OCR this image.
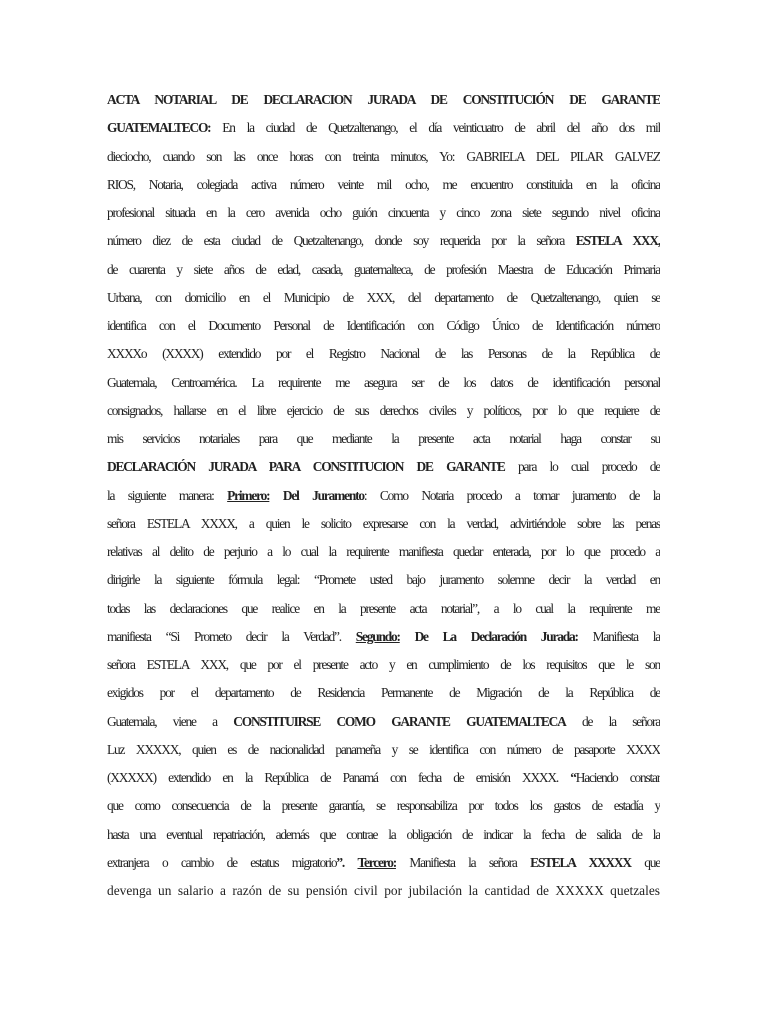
ACTA NOTARIAL DE DECLARACION JURADA DE CONSTITUCIÓN DE GARANTE
GUATEMALTECO: En la ciudad de Quetzaltenango, el día veinticuatro de abril del año dos mil
dieciocho, cuando son las once horas con treinta minutos, Yo: GABRIELA DEL PILAR GALVEZ
RIOS, Notaria, colegiada activa número veinte mil ocho, me encuentro constituida en la oficina
profesional situada en la cero avenida ocho guión cincuenta y cinco zona siete segundo nivel oficina
número diez de esta ciudad de Quetzaltenango, donde soy requerida por la señora ESTELA XXX,
de cuarenta y siete años de edad, casada, guatemalteca, de profesión Maestra de Educación Primaria
Urbana, con domicilio en el Municipio de XXX, del departamento de Quetzaltenango, quien se
identifica con el Documento Personal de Identificación con Código Único de Identificación número
XXXXo (XXXX) extendido por el Registro Nacional de las Personas de la República de
Guatemala, Centroamérica. La requirente me asegura ser de los datos de identificación personal
consignados, hallarse en el libre ejercicio de sus derechos civiles y políticos, por lo que requiere de
mis servicios notariales para que mediante la presente acta notarial haga constar su
DECLARACIÓN JURADA PARA CONSTITUCION DE GARANTE para lo cual procedo de
la siguiente manera: Primero: Del Juramento: Como Notaria procedo a tomar juramento de la
señora ESTELA XXXX, a quien le solicito expresarse con la verdad, advirtiéndole sobre las penas
relativas al delito de perjurio a lo cual la requirente manifiesta quedar enterada, por lo que procedo a
dirigirle la siguiente fórmula legal: “Promete usted bajo juramento solemne decir la verdad en
todas las declaraciones que realice en la presente acta notarial”, a lo cual la requirente me
manifiesta “Si Prometo decir la Verdad”. Segundo: De La Declaración Jurada: Manifiesta la
señora ESTELA XXX, que por el presente acto y en cumplimiento de los requisitos que le son
exigidos por el departamento de Residencia Permanente de Migración de la República de
Guatemala, viene a CONSTITUIRSE COMO GARANTE GUATEMALTECA de la señora
Luz XXXXX, quien es de nacionalidad panameña y se identifica con número de pasaporte XXXX
(XXXXX) extendido en la República de Panamá con fecha de emisión XXXX. “Haciendo constar
que como consecuencia de la presente garantía, se responsabiliza por todos los gastos de estadía y
hasta una eventual repatriación, además que contrae la obligación de indicar la fecha de salida de la
extranjera o cambio de estatus migratorio”. Tercero: Manifiesta la señora ESTELA XXXXX que
devenga un salario a razón de su pensión civil por jubilación la cantidad de XXXXX quetzales
